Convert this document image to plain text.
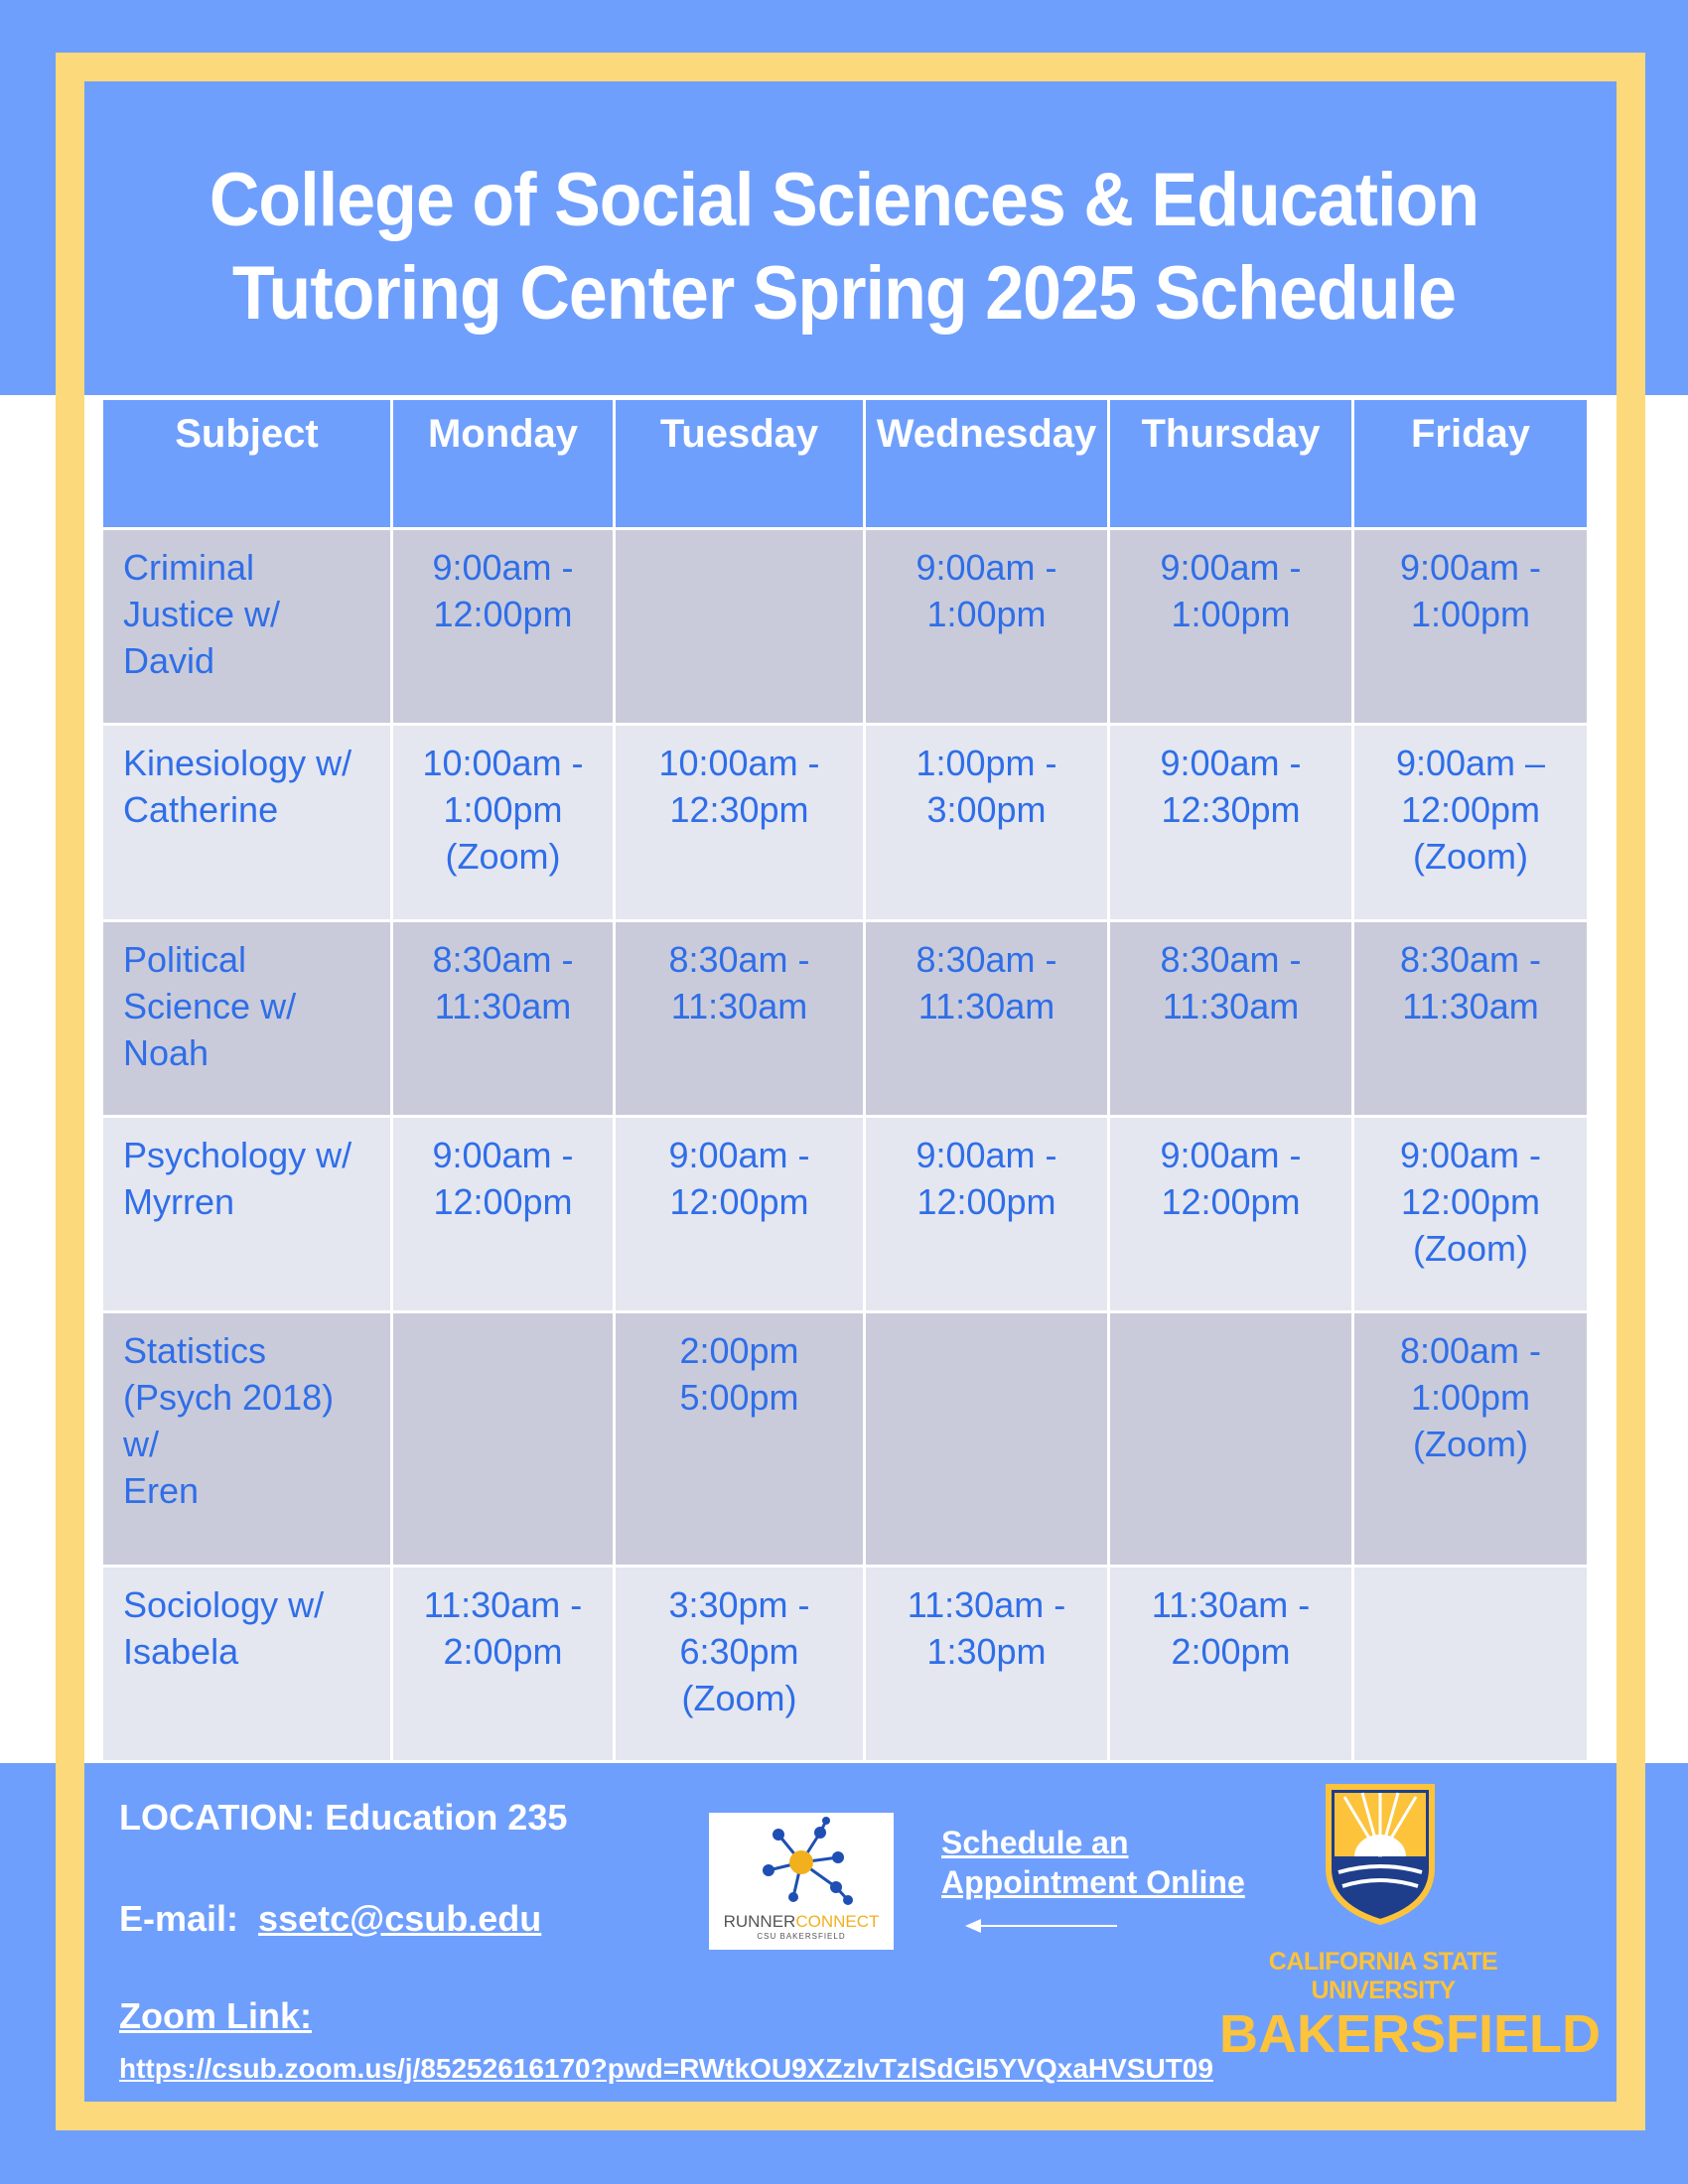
College of Social Sciences & Education
Tutoring Center Spring 2025 Schedule
Subject	Monday	Tuesday	Wednesday	Thursday	Friday

Criminal
Justice w/
David	9:00am -
12:00pm		9:00am -
1:00pm	9:00am -
1:00pm	9:00am -
1:00pm

Kinesiology w/
Catherine	10:00am -
1:00pm
(Zoom)	10:00am -
12:30pm	1:00pm -
3:00pm	9:00am -
12:30pm	9:00am –
12:00pm
(Zoom)

Political
Science w/
Noah	8:30am -
11:30am	8:30am -
11:30am	8:30am -
11:30am	8:30am -
11:30am	8:30am -
11:30am

Psychology w/
Myrren	9:00am -
12:00pm	9:00am -
12:00pm	9:00am -
12:00pm	9:00am -
12:00pm	9:00am -
12:00pm
(Zoom)

Statistics
(Psych 2018)
w/
Eren		2:00pm
5:00pm			8:00am -
1:00pm
(Zoom)

Sociology w/
Isabela	11:30am -
2:00pm	3:30pm -
6:30pm
(Zoom)	11:30am -
1:30pm	11:30am -
2:00pm	

LOCATION: Education 235
E-mail: ssetc@csub.edu
Zoom Link:
https://csub.zoom.us/j/85252616170?pwd=RWtkOU9XZzIvTzlSdGI5YVQxaHVSUT09
RUNNERCONNECT
CSU BAKERSFIELD
Schedule an
Appointment Online
CALIFORNIA STATE UNIVERSITY
BAKERSFIELD
